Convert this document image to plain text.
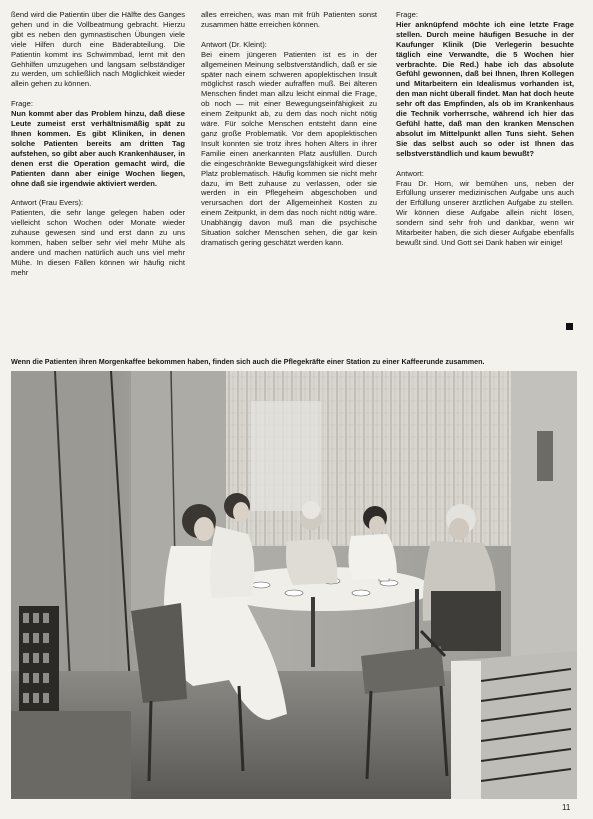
ßend wird die Patientin über die Hälfte des Ganges gehen und in die Vollbeatmung gebracht. Hierzu gibt es neben den gymnastischen Übungen viele viele Hilfen durch eine Bäderabteilung. Die Patientin kommt ins Schwimmbad, lernt mit den Gehhilfen umzugehen und langsam selbständiger zu werden, um schließlich nach Möglichkeit wieder allein gehen zu können.

Frage:

Nun kommt aber das Problem hinzu, daß diese Leute zumeist erst verhältnismäßig spät zu Ihnen kommen. Es gibt Kliniken, in denen solche Patienten bereits am dritten Tag aufstehen, so gibt aber auch Krankenhäuser, in denen erst die Operation gemacht wird, die Patienten dann aber einige Wochen liegen, ohne daß sie irgendwie aktiviert werden.

Antwort (Frau Evers):

Patienten, die sehr lange gelegen haben oder vielleicht schon Wochen oder Monate wieder zuhause gewesen sind und erst dann zu uns kommen, haben selber sehr viel mehr Mühe als andere und machen natürlich auch uns viel mehr Mühe. In diesen Fällen können wir häufig nicht mehr

alles erreichen, was man mit früh Patienten sonst zusammen hätte erreichen können.

Antwort (Dr. Kleint):

Bei einem jüngeren Patienten ist es in der allgemeinen Meinung selbstverständlich, daß er sie später nach einem schweren apoplektischen Insult möglichst rasch wieder aufraffen muß. Bei älteren Menschen findet man allzu leicht einmal die Frage, ob noch — mit einer Bewegungseinfähigkeit zu einem Zeitpunkt ab, zu dem das noch nicht nötig wäre. Für solche Menschen entsteht dann eine ganz große Problematik. Vor dem apoplektischen Insult konnten sie trotz ihres hohen Alters in ihrer Familie einen anerkannten Platz ausfüllen. Durch die eingeschränkte Bewegungsfähigkeit wird dieser Platz problematisch. Häufig kommen sie nicht mehr dazu, im Bett zuhause zu verlassen, oder sie werden in ein Pflegeheim abgeschoben und verursachen dort der Allgemeinheit Kosten zu einem Zeitpunkt, in dem das noch nicht nötig wäre. Unabhängig davon muß man die psychische Situation solcher Menschen sehen, die gar kein dramatisch gering geschätzt werden kann.

Frage:

Hier anknüpfend möchte ich eine letzte Frage stellen. Durch meine häufigen Besuche in der Kaufunger Klinik (Die Verlegerin besuchte täglich eine Verwandte, die 5 Wochen hier verbrachte. Die Red.) habe ich das absolute Gefühl gewonnen, daß bei Ihnen, Ihren Kollegen und Mitarbeitern ein Idealismus vorhanden ist, den man nicht überall findet. Man hat doch heute sehr oft das Empfinden, als ob im Krankenhaus die Technik vorherrsche, während ich hier das Gefühl hatte, daß man den kranken Menschen absolut im Mittelpunkt allen Tuns sieht. Sehen Sie das selbst auch so oder ist Ihnen das selbstverständlich und kaum bewußt?

Antwort:

Frau Dr. Horn, wir bemühen uns, neben der Erfüllung unserer medizinischen Aufgabe uns auch der Erfüllung unserer ärztlichen Aufgabe zu stellen. Wir können diese Aufgabe allein nicht lösen, sondern sind sehr froh und dankbar, wenn wir Mitarbeiter haben, die sich dieser Aufgabe ebenfalls bewußt sind. Und Gott sei Dank haben wir einige!

Wenn die Patienten ihren Morgenkaffee bekommen haben, finden sich auch die Pflegekräfte einer Station zu einer Kaffeerunde zusammen.
11
